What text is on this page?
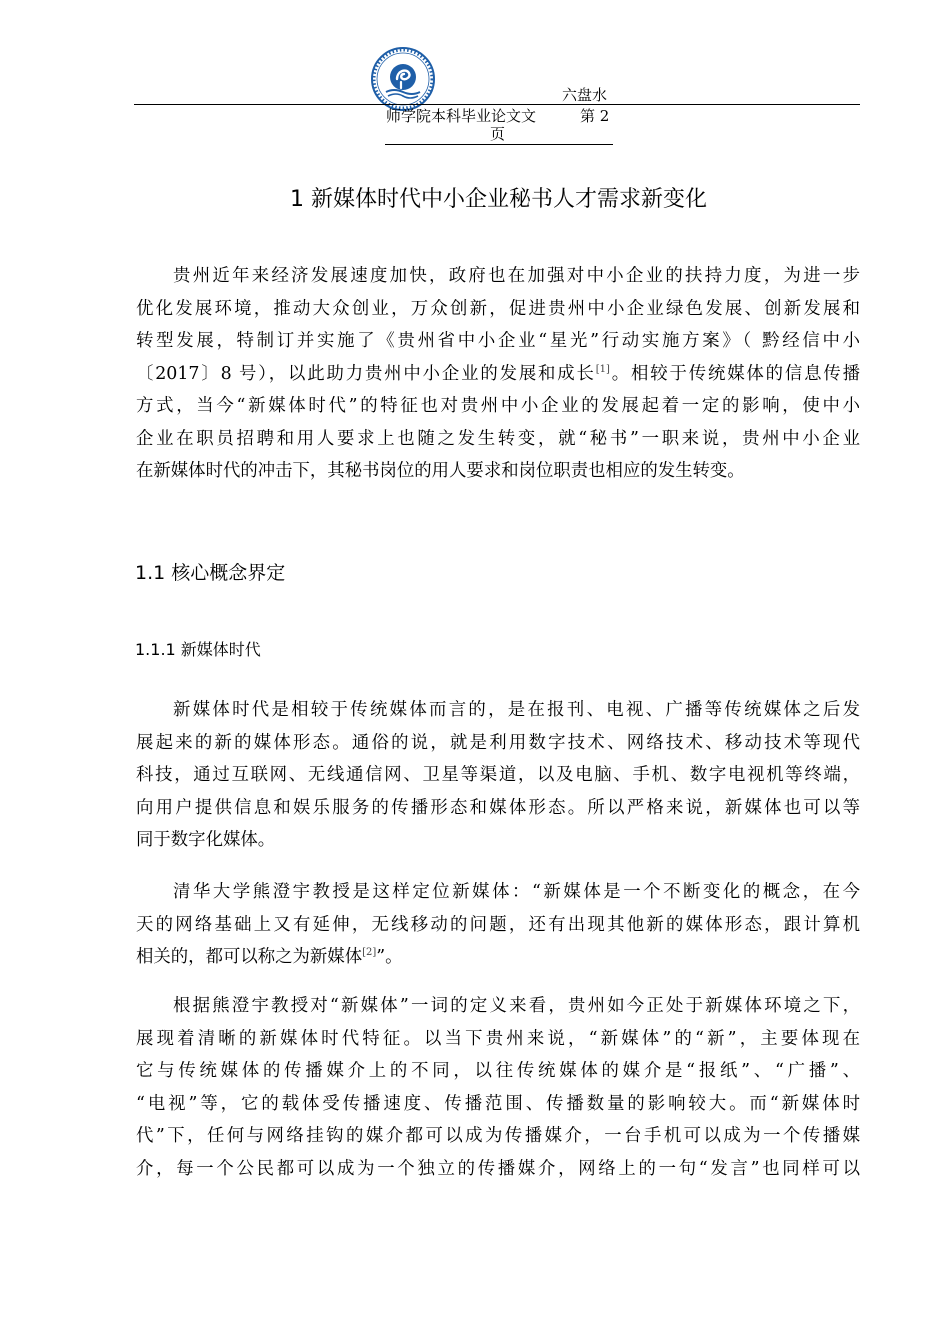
六盘水
师学院本科毕业论文文	第 2
页
1 新媒体时代中小企业秘书人才需求新变化
贵州近年来经济发展速度加快，政府也在加强对中小企业的扶持力度，为进一步
优化发展环境，推动大众创业，万众创新，促进贵州中小企业绿色发展、创新发展和
转型发展，特制订并实施了《贵州省中小企业“星光”行动实施方案》（ 黔经信中小
〔2017〕8 号），以此助力贵州中小企业的发展和成长[1]。相较于传统媒体的信息传播
方式，当今“新媒体时代”的特征也对贵州中小企业的发展起着一定的影响，使中小
企业在职员招聘和用人要求上也随之发生转变，就“秘书”一职来说，贵州中小企业
在新媒体时代的冲击下，其秘书岗位的用人要求和岗位职责也相应的发生转变。
1.1 核心概念界定
1.1.1 新媒体时代
新媒体时代是相较于传统媒体而言的，是在报刊、电视、广播等传统媒体之后发
展起来的新的媒体形态。通俗的说，就是利用数字技术、网络技术、移动技术等现代
科技，通过互联网、无线通信网、卫星等渠道，以及电脑、手机、数字电视机等终端，
向用户提供信息和娱乐服务的传播形态和媒体形态。所以严格来说，新媒体也可以等
同于数字化媒体。
清华大学熊澄宇教授是这样定位新媒体：“新媒体是一个不断变化的概念，在今
天的网络基础上又有延伸，无线移动的问题，还有出现其他新的媒体形态，跟计算机
相关的，都可以称之为新媒体[2]”。
根据熊澄宇教授对“新媒体”一词的定义来看，贵州如今正处于新媒体环境之下，
展现着清晰的新媒体时代特征。以当下贵州来说，“新媒体”的“新”，主要体现在
它与传统媒体的传播媒介上的不同，以往传统媒体的媒介是“报纸”、“广播”、
“电视”等，它的载体受传播速度、传播范围、传播数量的影响较大。而“新媒体时
代”下，任何与网络挂钩的媒介都可以成为传播媒介，一台手机可以成为一个传播媒
介，每一个公民都可以成为一个独立的传播媒介，网络上的一句“发言”也同样可以
